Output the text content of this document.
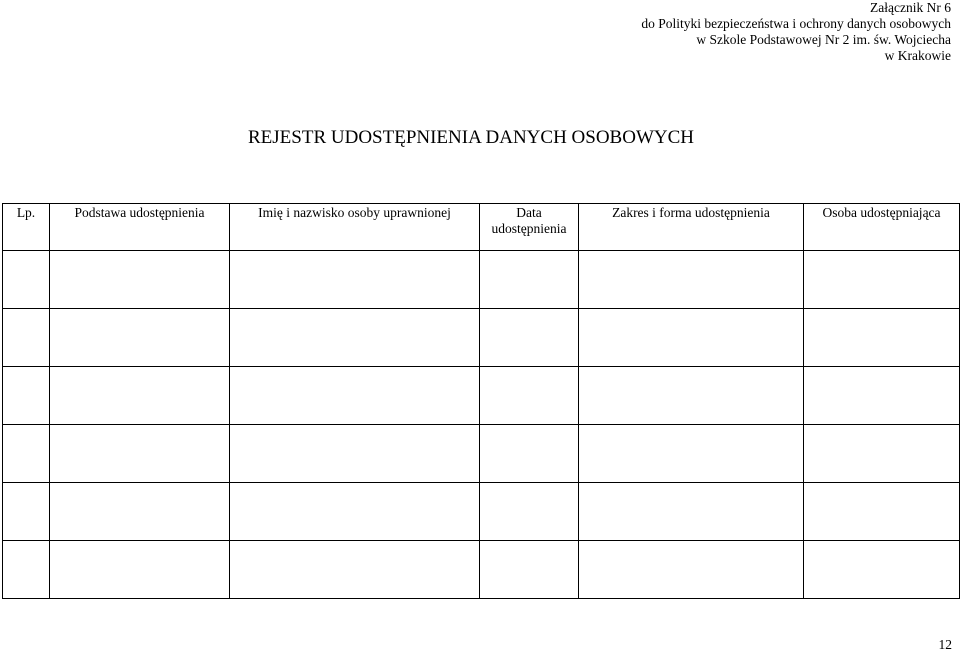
Załącznik Nr 6
do Polityki bezpieczeństwa i ochrony danych osobowych
w Szkole Podstawowej Nr 2 im. św. Wojciecha
w Krakowie
REJESTR UDOSTĘPNIENIA DANYCH OSOBOWYCH
Lp.	Podstawa udostępnienia	Imię i nazwisko osoby uprawnionej	Data udostępnienia	Zakres i forma udostępnienia	Osoba udostępniająca

12
